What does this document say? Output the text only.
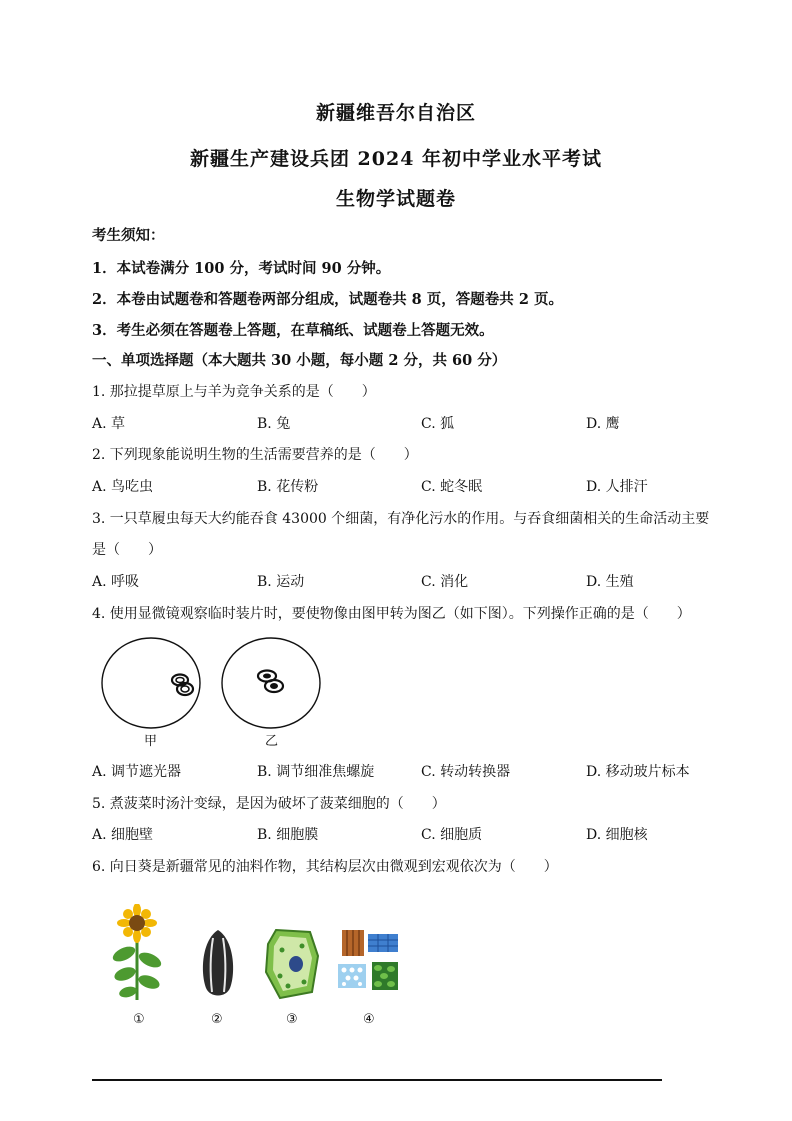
新疆维吾尔自治区
新疆生产建设兵团 2024 年初中学业水平考试
生物学试题卷
考生须知：
1．本试卷满分 100 分，考试时间 90 分钟。
2．本卷由试题卷和答题卷两部分组成，试题卷共 8 页，答题卷共 2 页。
3．考生必须在答题卷上答题，在草稿纸、试题卷上答题无效。
一、单项选择题（本大题共 30 小题，每小题 2 分，共 60 分）
1. 那拉提草原上与羊为竞争关系的是（　　）
A. 草	B. 兔	C. 狐	D. 鹰
2. 下列现象能说明生物的生活需要营养的是（　　）
A. 鸟吃虫	B. 花传粉	C. 蛇冬眠	D. 人排汗
3. 一只草履虫每天大约能吞食 43000 个细菌，有净化污水的作用。与吞食细菌相关的生命活动主要
是（　　）
A. 呼吸	B. 运动	C. 消化	D. 生殖
4. 使用显微镜观察临时装片时，要使物像由图甲转为图乙（如下图）。下列操作正确的是（　　）
甲	乙
A. 调节遮光器	B. 调节细准焦螺旋	C. 转动转换器	D. 移动玻片标本
5. 煮菠菜时汤汁变绿，是因为破坏了菠菜细胞的（　　）
A. 细胞壁	B. 细胞膜	C. 细胞质	D. 细胞核
6. 向日葵是新疆常见的油料作物，其结构层次由微观到宏观依次为（　　）
①	②	③	④
